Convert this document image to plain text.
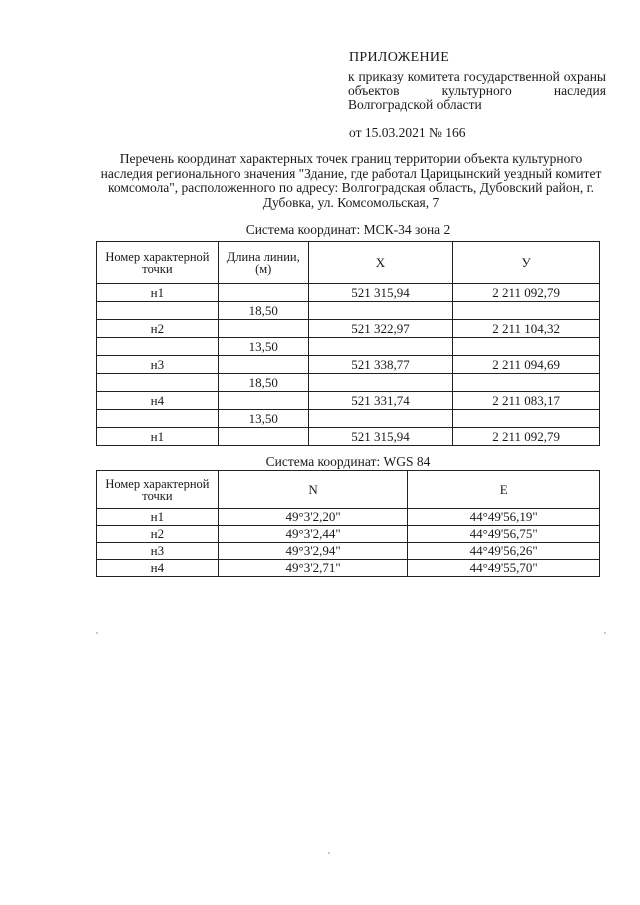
ПРИЛОЖЕНИЕ
к приказу комитета государственной охраны объектов культурного наследия Волгоградской области
от 15.03.2021 № 166
Перечень координат характерных точек границ территории объекта культурного наследия регионального значения "Здание, где работал Царицынский уездный комитет комсомола", расположенного по адресу: Волгоградская область, Дубовский район, г. Дубовка, ул. Комсомольская, 7
Система координат: МСК-34 зона 2
Номер характерной точки	Длина линии, (м)	X	У
н1		521 315,94	2 211 092,79
	18,50		
н2		521 322,97	2 211 104,32
	13,50		
н3		521 338,77	2 211 094,69
	18,50		
н4		521 331,74	2 211 083,17
	13,50		
н1		521 315,94	2 211 092,79
Система координат: WGS 84
Номер характерной точки	N	E
н1	49°3'2,20"	44°49'56,19"
н2	49°3'2,44"	44°49'56,75"
н3	49°3'2,94"	44°49'56,26"
н4	49°3'2,71"	44°49'55,70"
